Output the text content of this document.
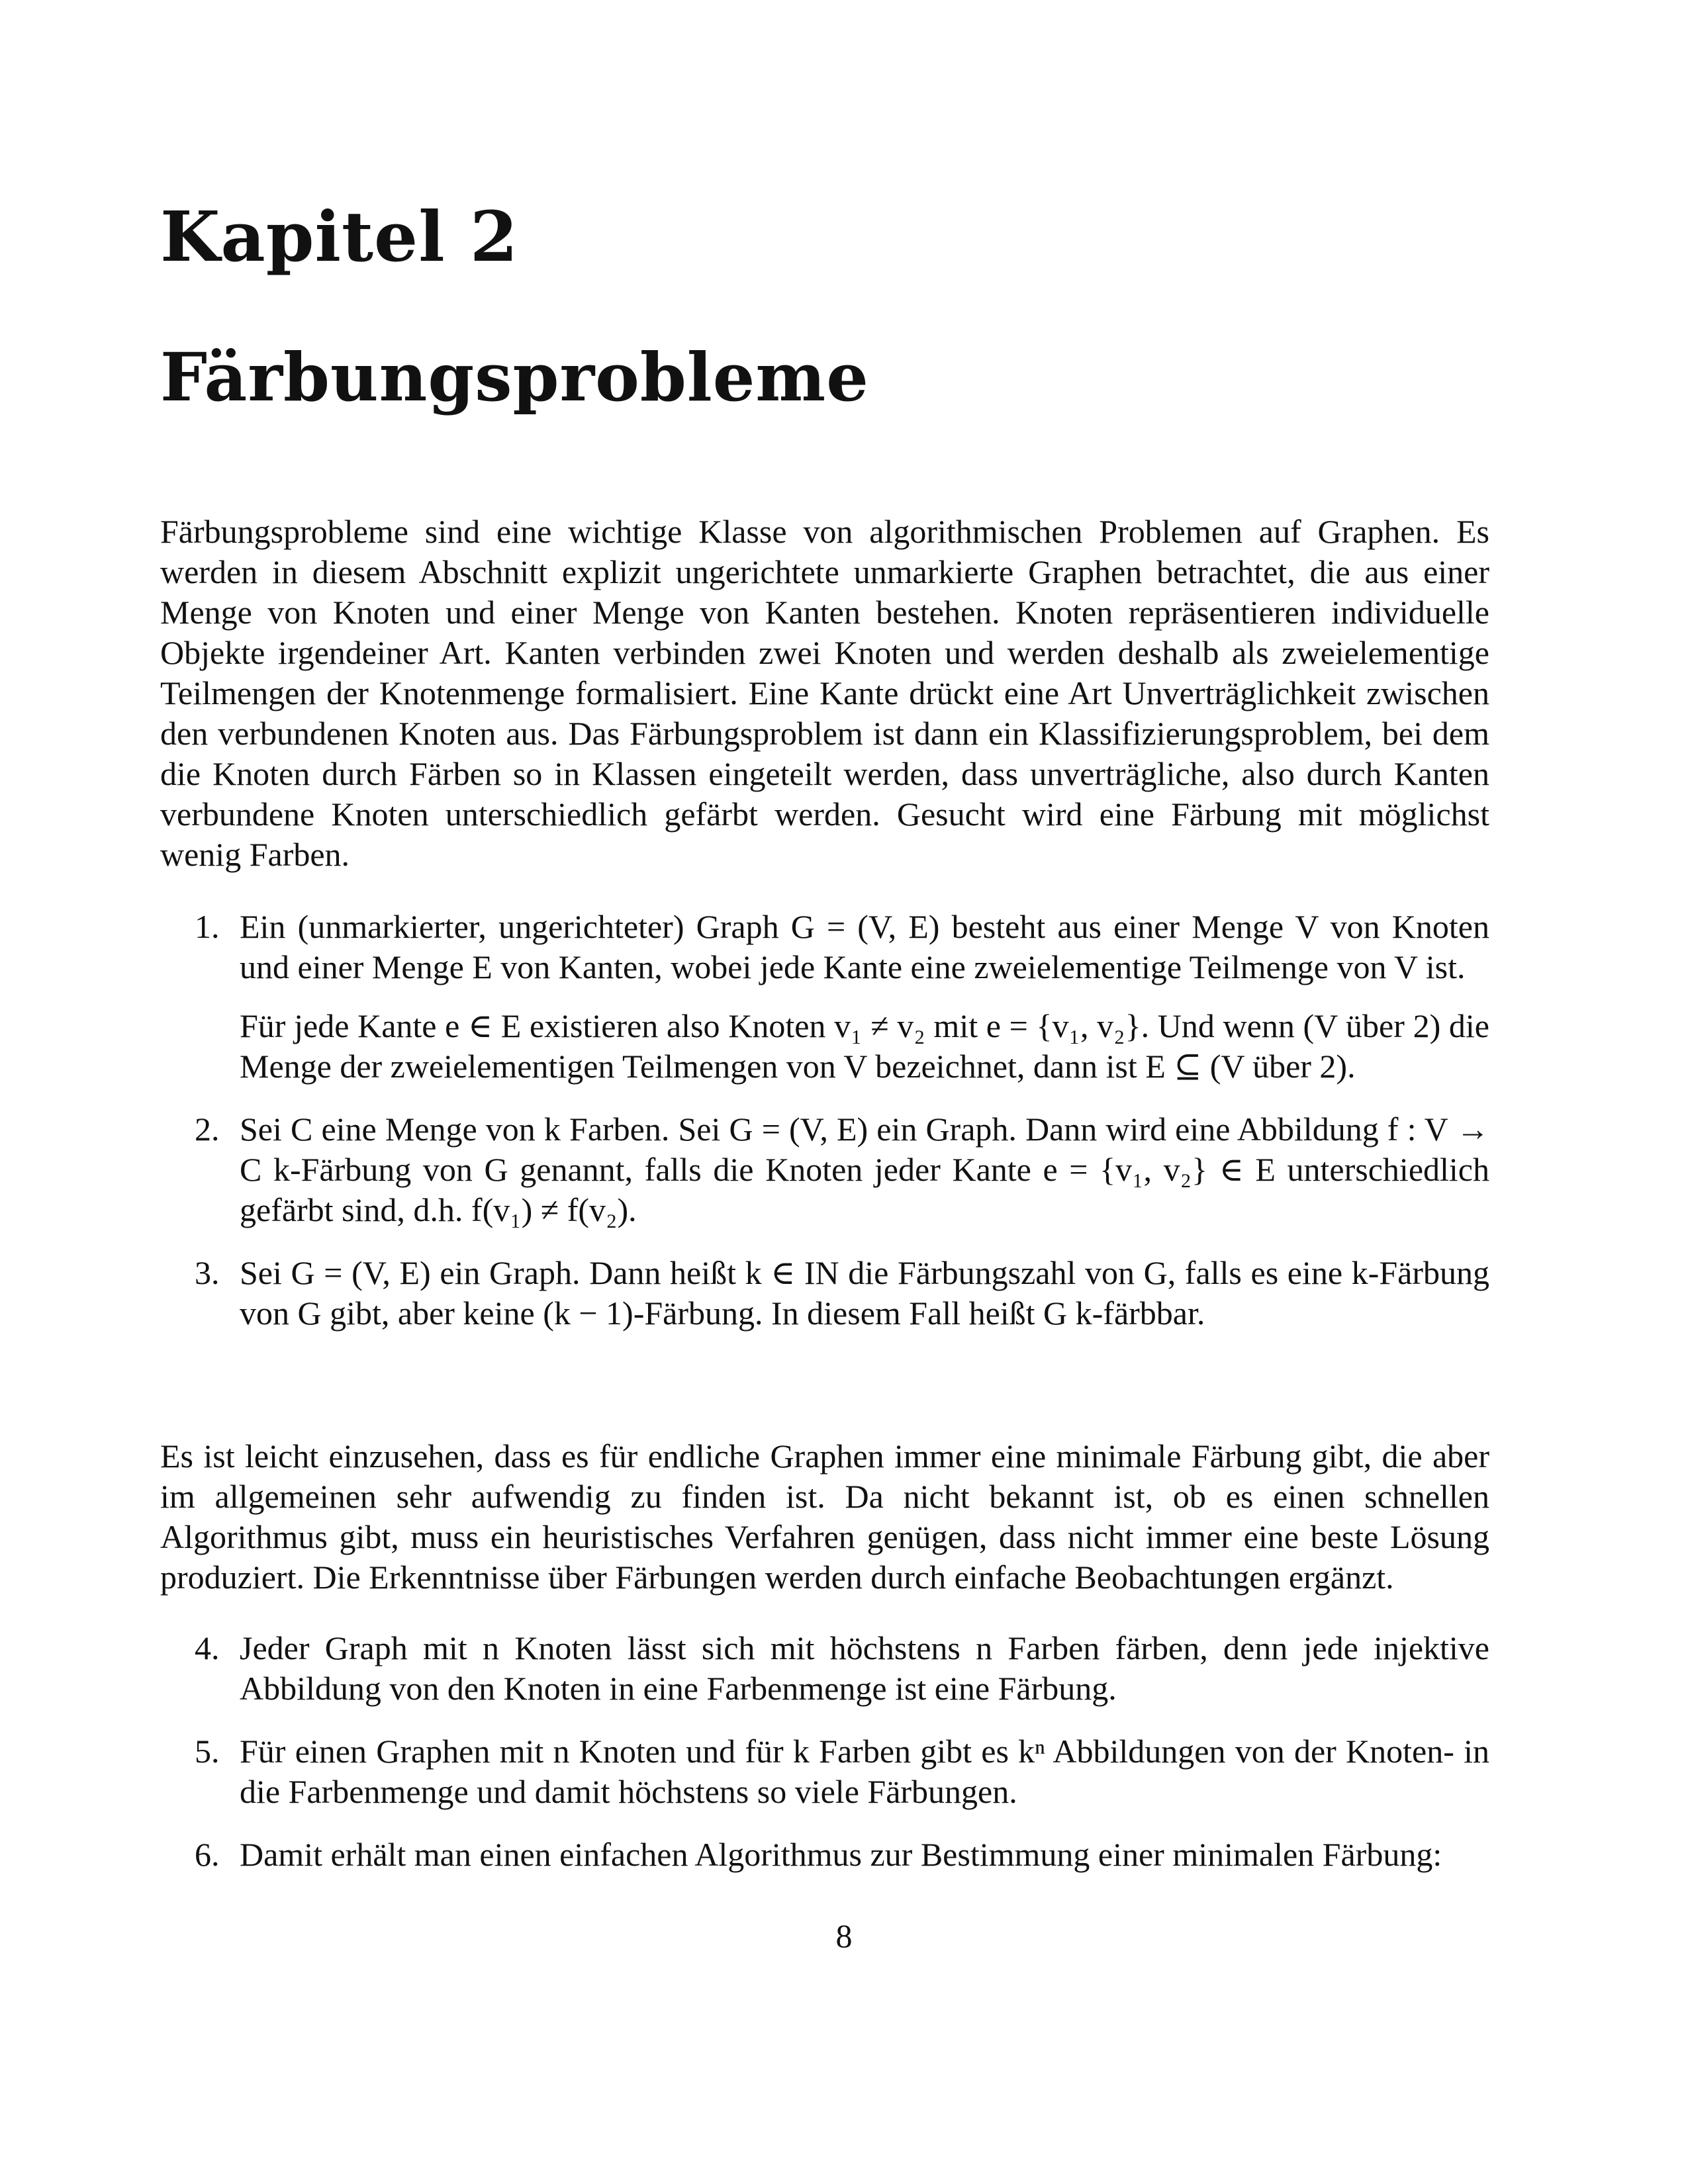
Kapitel 2
Färbungsprobleme

Färbungsprobleme sind eine wichtige Klasse von algorithmischen Problemen auf Graphen. Es werden in diesem Abschnitt explizit ungerichtete unmarkierte Graphen betrachtet, die aus einer Menge von Knoten und einer Menge von Kanten bestehen. Knoten repräsentieren individuelle Objekte irgendeiner Art. Kanten verbinden zwei Knoten und werden deshalb als zweielementige Teilmengen der Knotenmenge formalisiert. Eine Kante drückt eine Art Unverträglichkeit zwischen den verbundenen Knoten aus. Das Färbungsproblem ist dann ein Klassifizierungsproblem, bei dem die Knoten durch Färben so in Klassen eingeteilt werden, dass unverträgliche, also durch Kanten verbundene Knoten unterschiedlich gefärbt werden. Gesucht wird eine Färbung mit möglichst wenig Farben.

1. Ein (unmarkierter, ungerichteter) Graph G = (V, E) besteht aus einer Menge V von Knoten und einer Menge E von Kanten, wobei jede Kante eine zweielementige Teilmenge von V ist.
Für jede Kante e ∈ E existieren also Knoten v₁ ≠ v₂ mit e = {v₁, v₂}. Und wenn (V über 2) die Menge der zweielementigen Teilmengen von V bezeichnet, dann ist E ⊆ (V über 2).
2. Sei C eine Menge von k Farben. Sei G = (V, E) ein Graph. Dann wird eine Abbildung f : V → C k-Färbung von G genannt, falls die Knoten jeder Kante e = {v₁, v₂} ∈ E unterschiedlich gefärbt sind, d.h. f(v₁) ≠ f(v₂).
3. Sei G = (V, E) ein Graph. Dann heißt k ∈ IN die Färbungszahl von G, falls es eine k-Färbung von G gibt, aber keine (k − 1)-Färbung. In diesem Fall heißt G k-färbbar.

Es ist leicht einzusehen, dass es für endliche Graphen immer eine minimale Färbung gibt, die aber im allgemeinen sehr aufwendig zu finden ist. Da nicht bekannt ist, ob es einen schnellen Algorithmus gibt, muss ein heuristisches Verfahren genügen, dass nicht immer eine beste Lösung produziert. Die Erkenntnisse über Färbungen werden durch einfache Beobachtungen ergänzt.

4. Jeder Graph mit n Knoten lässt sich mit höchstens n Farben färben, denn jede injektive Abbildung von den Knoten in eine Farbenmenge ist eine Färbung.
5. Für einen Graphen mit n Knoten und für k Farben gibt es kⁿ Abbildungen von der Knoten- in die Farbenmenge und damit höchstens so viele Färbungen.
6. Damit erhält man einen einfachen Algorithmus zur Bestimmung einer minimalen Färbung:
8
